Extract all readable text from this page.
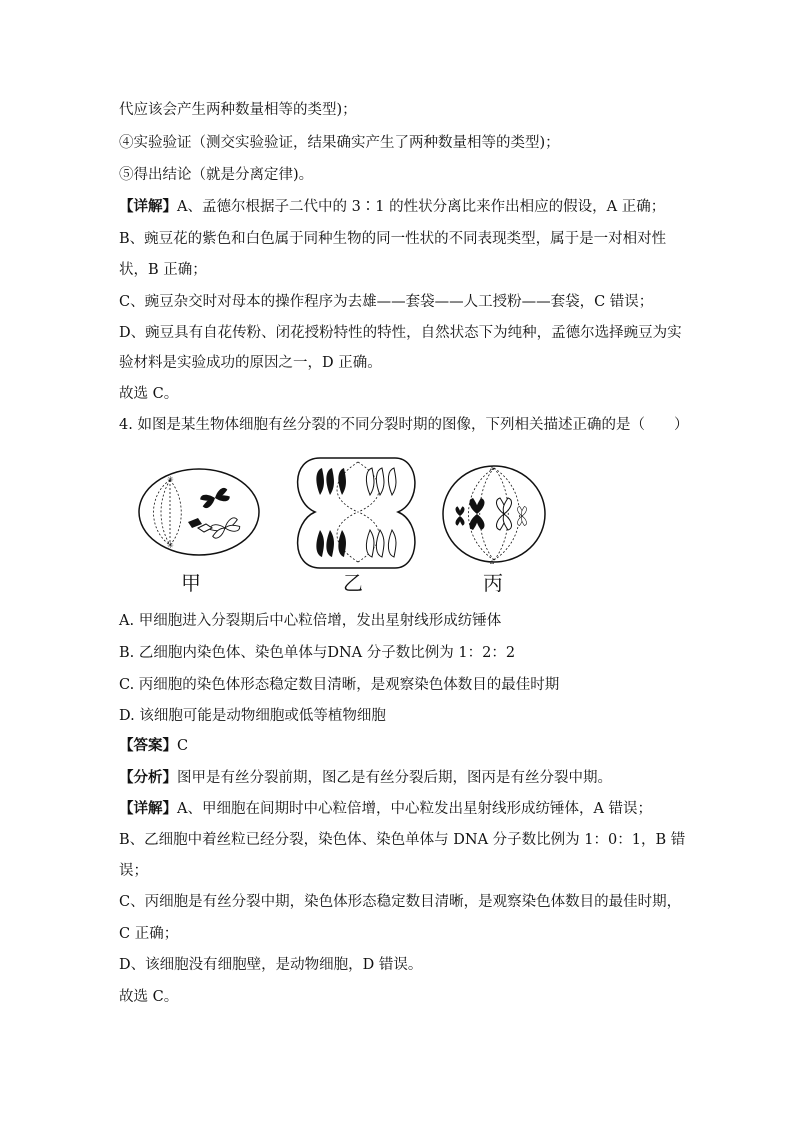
代应该会产生两种数量相等的类型)；
④实验验证（测交实验验证，结果确实产生了两种数量相等的类型)；
⑤得出结论（就是分离定律)。
【详解】A、孟德尔根据子二代中的 3∶1 的性状分离比来作出相应的假设，A 正确；
B、豌豆花的紫色和白色属于同种生物的同一性状的不同表现类型，属于是一对相对性
状，B 正确；
C、豌豆杂交时对母本的操作程序为去雄——套袋——人工授粉——套袋，C 错误；
D、豌豆具有自花传粉、闭花授粉特性的特性，自然状态下为纯种，孟德尔选择豌豆为实
验材料是实验成功的原因之一，D 正确。
故选 C。
4. 如图是某生物体细胞有丝分裂的不同分裂时期的图像，下列相关描述正确的是（　　）
✳
✳
▵
▵
甲	乙	丙
A. 甲细胞进入分裂期后中心粒倍增，发出星射线形成纺锤体
B. 乙细胞内染色体、染色单体与DNA 分子数比例为 1：2：2
C. 丙细胞的染色体形态稳定数目清晰，是观察染色体数目的最佳时期
D. 该细胞可能是动物细胞或低等植物细胞
【答案】C
【分析】图甲是有丝分裂前期，图乙是有丝分裂后期，图丙是有丝分裂中期。
【详解】A、甲细胞在间期时中心粒倍增，中心粒发出星射线形成纺锤体，A 错误；
B、乙细胞中着丝粒已经分裂，染色体、染色单体与 DNA 分子数比例为 1：0：1，B 错
误；
C、丙细胞是有丝分裂中期，染色体形态稳定数目清晰，是观察染色体数目的最佳时期，
C 正确；
D、该细胞没有细胞壁，是动物细胞，D 错误。
故选 C。
